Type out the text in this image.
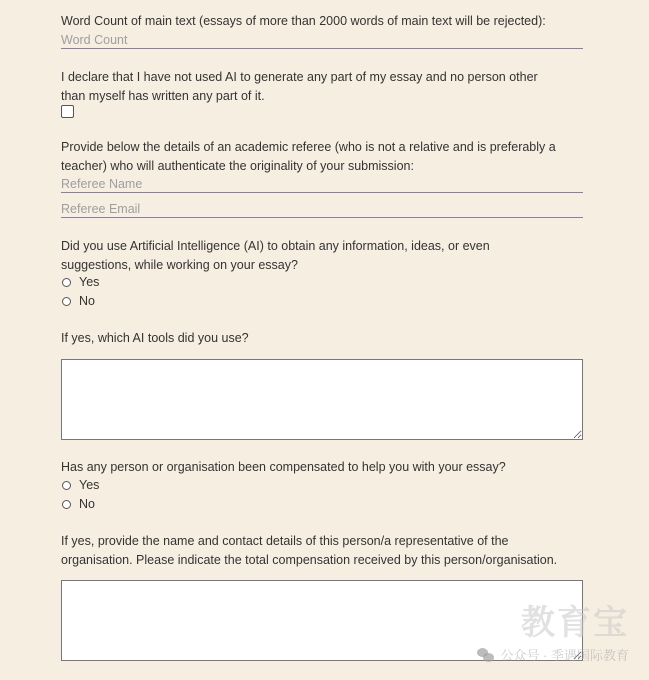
Word Count of main text (essays of more than 2000 words of main text will be rejected):

Word Count

I declare that I have not used AI to generate any part of my essay and no person other than myself has written any part of it.

Provide below the details of an academic referee (who is not a relative and is preferably a teacher) who will authenticate the originality of your submission:

Referee Name
Referee Email

Did you use Artificial Intelligence (AI) to obtain any information, ideas, or even suggestions, while working on your essay?

Yes
No

If yes, which AI tools did you use?

Has any person or organisation been compensated to help you with your essay?

Yes
No

If yes, provide the name and contact details of this person/a representative of the organisation. Please indicate the total compensation received by this person/organisation.

教育宝
公众号 · 季遇国际教育
